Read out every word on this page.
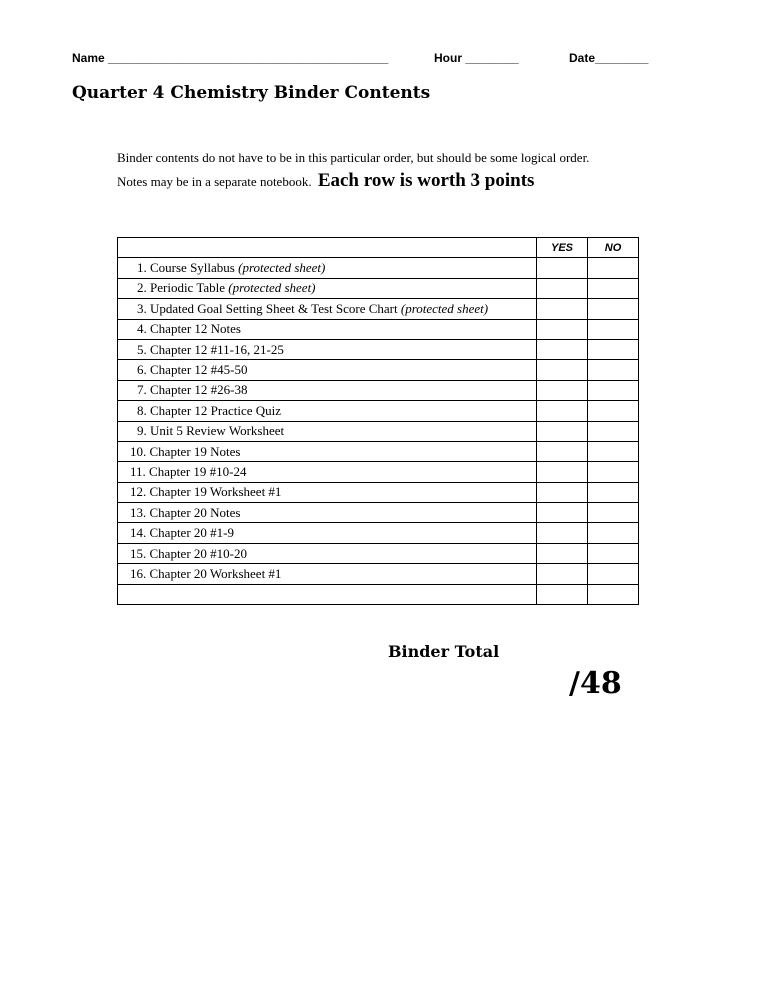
Name __________________________________________	Hour ________	Date________
Quarter 4 Chemistry Binder Contents
Binder contents do not have to be in this particular order, but should be some logical order.
Notes may be in a separate notebook. Each row is worth 3 points
	YES	NO
1. Course Syllabus (protected sheet)		
2. Periodic Table (protected sheet)		
3. Updated Goal Setting Sheet & Test Score Chart (protected sheet)		
4. Chapter 12 Notes		
5. Chapter 12 #11-16, 21-25		
6. Chapter 12 #45-50		
7. Chapter 12 #26-38		
8. Chapter 12 Practice Quiz		
9. Unit 5 Review Worksheet		
10. Chapter 19 Notes		
11. Chapter 19 #10-24		
12. Chapter 19 Worksheet #1		
13. Chapter 20 Notes		
14. Chapter 20 #1-9		
15. Chapter 20 #10-20		
16. Chapter 20 Worksheet #1		

Binder Total
/48
